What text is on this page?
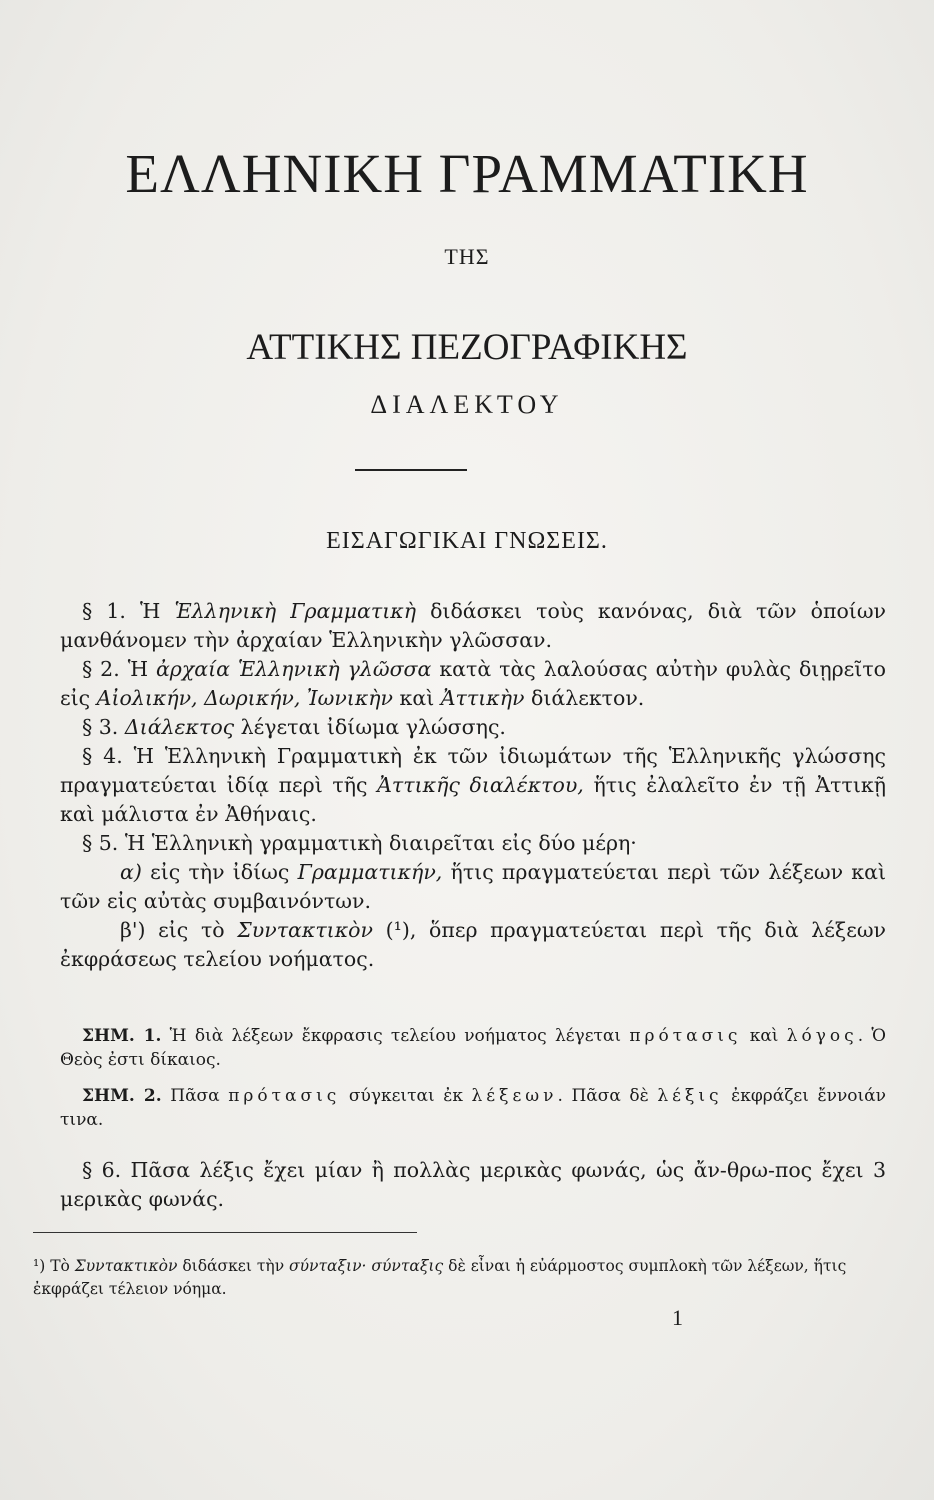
ΕΛΛΗΝΙΚΗ ΓΡΑΜΜΑΤΙΚΗ
ΤΗΣ
ΑΤΤΙΚΗΣ ΠΕΖΟΓΡΑΦΙΚΗΣ
ΔΙΑΛΕΚΤΟΥ
ΕΙΣΑΓΩΓΙΚΑΙ ΓΝΩΣΕΙΣ.

§ 1. Ἡ Ἑλληνικὴ Γραμματικὴ διδάσκει τοὺς κανόνας, διὰ τῶν ὁποίων μανθάνομεν τὴν ἀρχαίαν Ἑλληνικὴν γλῶσσαν.

§ 2. Ἡ ἀρχαία Ἑλληνικὴ γλῶσσα κατὰ τὰς λαλούσας αὐτὴν φυλὰς διῃρεῖτο εἰς Αἰολικήν, Δωρικήν, Ἰωνικὴν καὶ Ἀττικὴν διάλεκτον.

§ 3. Διάλεκτος λέγεται ἰδίωμα γλώσσης.

§ 4. Ἡ Ἑλληνικὴ Γραμματικὴ ἐκ τῶν ἰδιωμάτων τῆς Ἑλληνικῆς γλώσσης πραγματεύεται ἰδίᾳ περὶ τῆς Ἀττικῆς διαλέκτου, ἥτις ἐλαλεῖτο ἐν τῇ Ἀττικῇ καὶ μάλιστα ἐν Ἀθήναις.

§ 5. Ἡ Ἑλληνικὴ γραμματικὴ διαιρεῖται εἰς δύο μέρη·

α) εἰς τὴν ἰδίως Γραμματικήν, ἥτις πραγματεύεται περὶ τῶν λέξεων καὶ τῶν εἰς αὐτὰς συμβαινόντων.

β') εἰς τὸ Συντακτικὸν (¹), ὅπερ πραγματεύεται περὶ τῆς διὰ λέξεων ἐκφράσεως τελείου νοήματος.

ΣΗΜ. 1. Ἡ διὰ λέξεων ἔκφρασις τελείου νοήματος λέγεται πρότασις καὶ λόγος. Ὁ Θεὸς ἐστι δίκαιος.

ΣΗΜ. 2. Πᾶσα πρότασις σύγκειται ἐκ λέξεων. Πᾶσα δὲ λέξις ἐκφράζει ἔννοιάν τινα.

§ 6. Πᾶσα λέξις ἔχει μίαν ἢ πολλὰς μερικὰς φωνάς, ὡς ἄν-θρω-πος ἔχει 3 μερικὰς φωνάς.

¹) Τὸ Συντακτικὸν διδάσκει τὴν σύνταξιν· σύνταξις δὲ εἶναι ἡ εὐάρμοστος συμπλοκὴ τῶν λέξεων, ἥτις ἐκφράζει τέλειον νόημα.
1
